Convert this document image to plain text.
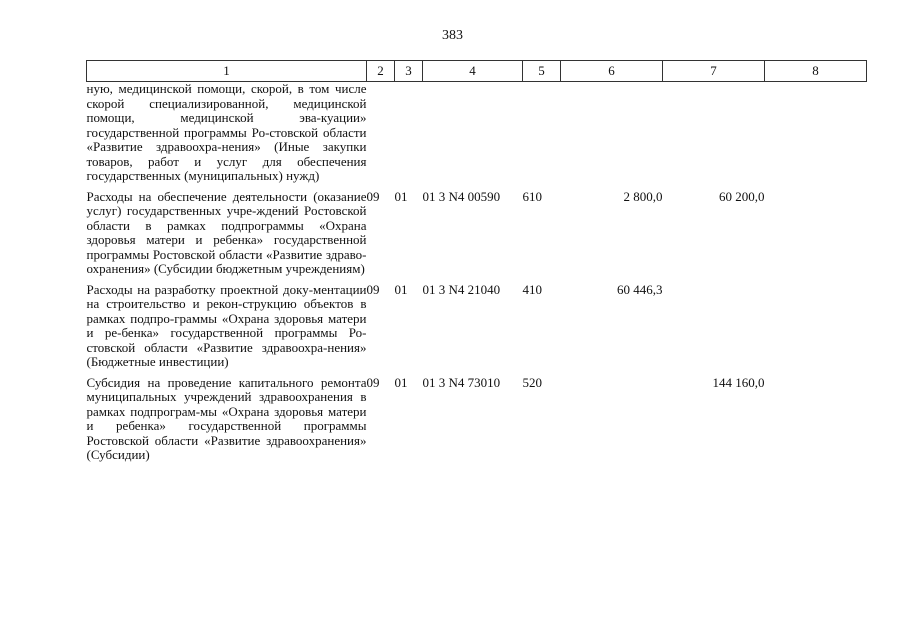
383
1	2	3	4	5	6	7	8
ную, медицинской помощи, скорой, в том числе скорой специализированной, медицинской помощи, медицинской эва-куации» государственной программы Ро-стовской области «Развитие здравоохра-нения» (Иные закупки товаров, работ и услуг для обеспечения государственных (муниципальных) нужд)							
Расходы на обеспечение деятельности (оказание услуг) государственных учре-ждений Ростовской области в рамках подпрограммы «Охрана здоровья матери и ребенка» государственной программы Ростовской области «Развитие здраво-охранения» (Субсидии бюджетным учреждениям)	09	01	01 3 N4 00590	610	2 800,0	60 200,0	
Расходы на разработку проектной доку-ментации на строительство и рекон-струкцию объектов в рамках подпро-граммы «Охрана здоровья матери и ре-бенка» государственной программы Ро-стовской области «Развитие здравоохра-нения» (Бюджетные инвестиции)	09	01	01 3 N4 21040	410	60 446,3		
Субсидия на проведение капитального ремонта муниципальных учреждений здравоохранения в рамках подпрограм-мы «Охрана здоровья матери и ребенка» государственной программы Ростовской области «Развитие здравоохранения» (Субсидии)	09	01	01 3 N4 73010	520		144 160,0	
